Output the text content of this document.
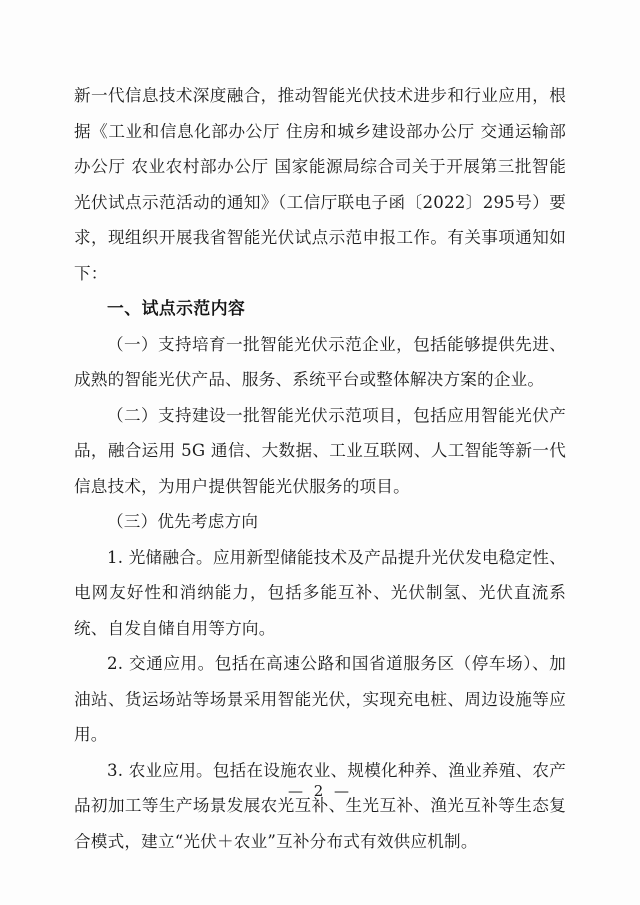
新一代信息技术深度融合，推动智能光伏技术进步和行业应用，根据《工业和信息化部办公厅 住房和城乡建设部办公厅 交通运输部办公厅 农业农村部办公厅 国家能源局综合司关于开展第三批智能光伏试点示范活动的通知》（工信厅联电子函〔2022〕295号）要求，现组织开展我省智能光伏试点示范申报工作。有关事项通知如下：

一、试点示范内容

（一）支持培育一批智能光伏示范企业，包括能够提供先进、成熟的智能光伏产品、服务、系统平台或整体解决方案的企业。

（二）支持建设一批智能光伏示范项目，包括应用智能光伏产品，融合运用 5G 通信、大数据、工业互联网、人工智能等新一代信息技术，为用户提供智能光伏服务的项目。

（三）优先考虑方向

1. 光储融合。应用新型储能技术及产品提升光伏发电稳定性、电网友好性和消纳能力，包括多能互补、光伏制氢、光伏直流系统、自发自储自用等方向。

2. 交通应用。包括在高速公路和国省道服务区（停车场）、加油站、货运场站等场景采用智能光伏，实现充电桩、周边设施等应用。

3. 农业应用。包括在设施农业、规模化种养、渔业养殖、农产品初加工等生产场景发展农光互补、生光互补、渔光互补等生态复合模式，建立“光伏＋农业”互补分布式有效供应机制。

— 2 —
